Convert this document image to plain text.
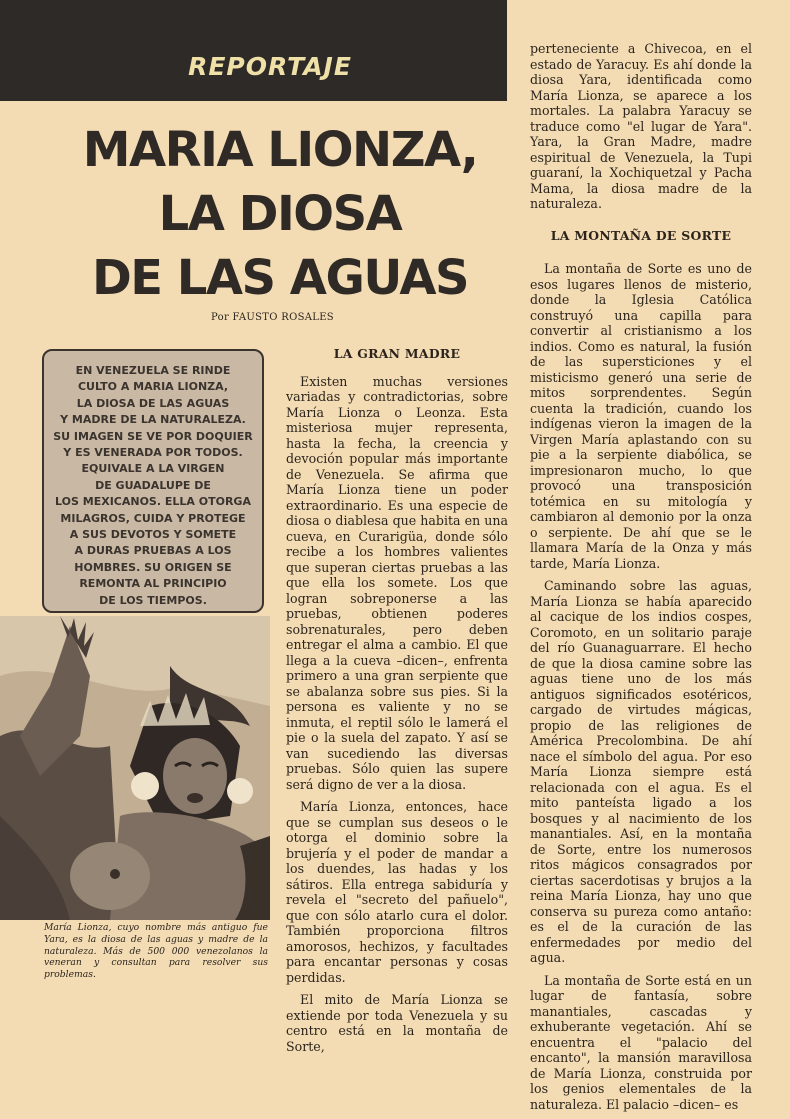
REPORTAJE
MARIA LIONZA,
LA DIOSA
DE LAS AGUAS
Por FAUSTO ROSALES
EN VENEZUELA SE RINDE
CULTO A MARIA LIONZA,
LA DIOSA DE LAS AGUAS
Y MADRE DE LA NATURALEZA.
SU IMAGEN SE VE POR DOQUIER
Y ES VENERADA POR TODOS.
EQUIVALE A LA VIRGEN
DE GUADALUPE DE
LOS MEXICANOS. ELLA OTORGA
MILAGROS, CUIDA Y PROTEGE
A SUS DEVOTOS Y SOMETE
A DURAS PRUEBAS A LOS
HOMBRES. SU ORIGEN SE
REMONTA AL PRINCIPIO
DE LOS TIEMPOS.
María Lionza, cuyo nombre más antiguo fue Yara, es la diosa de las aguas y madre de la naturaleza. Más de 500 000 venezolanos la veneran y consultan para resolver sus problemas.
LA GRAN MADRE

Existen muchas versiones variadas y contradictorias, sobre María Lionza o Leonza. Esta misteriosa mujer representa, hasta la fecha, la creencia y devoción popular más importante de Venezuela. Se afirma que María Lionza tiene un poder extraordinario. Es una especie de diosa o diablesa que habita en una cueva, en Curarigüa, donde sólo recibe a los hombres valientes que superan ciertas pruebas a las que ella los somete. Los que logran sobreponerse a las pruebas, obtienen poderes sobrenaturales, pero deben entregar el alma a cambio. El que llega a la cueva –dicen–, enfrenta primero a una gran serpiente que se abalanza sobre sus pies. Si la persona es valiente y no se inmuta, el reptil sólo le lamerá el pie o la suela del zapato. Y así se van sucediendo las diversas pruebas. Sólo quien las supere será digno de ver a la diosa.

María Lionza, entonces, hace que se cumplan sus deseos o le otorga el dominio sobre la brujería y el poder de mandar a los duendes, las hadas y los sátiros. Ella entrega sabiduría y revela el "secreto del pañuelo", que con sólo atarlo cura el dolor. También proporciona filtros amorosos, hechizos, y facultades para encantar personas y cosas perdidas.

El mito de María Lionza se extiende por toda Venezuela y su centro está en la montaña de Sorte,

perteneciente a Chivecoa, en el estado de Yaracuy. Es ahí donde la diosa Yara, identificada como María Lionza, se aparece a los mortales. La palabra Yaracuy se traduce como "el lugar de Yara". Yara, la Gran Madre, madre espiritual de Venezuela, la Tupi guaraní, la Xochiquetzal y Pacha Mama, la diosa madre de la naturaleza.

LA MONTAÑA DE SORTE

La montaña de Sorte es uno de esos lugares llenos de misterio, donde la Iglesia Católica construyó una capilla para convertir al cristianismo a los indios. Como es natural, la fusión de las supersticiones y el misticismo generó una serie de mitos sorprendentes. Según cuenta la tradición, cuando los indígenas vieron la imagen de la Virgen María aplastando con su pie a la serpiente diabólica, se impresionaron mucho, lo que provocó una transposición totémica en su mitología y cambiaron al demonio por la onza o serpiente. De ahí que se le llamara María de la Onza y más tarde, María Lionza.

Caminando sobre las aguas, María Lionza se había aparecido al cacique de los indios cospes, Coromoto, en un solitario paraje del río Guanaguarrare. El hecho de que la diosa camine sobre las aguas tiene uno de los más antiguos significados esotéricos, cargado de virtudes mágicas, propio de las religiones de América Precolombina. De ahí nace el símbolo del agua. Por eso María Lionza siempre está relacionada con el agua. Es el mito panteísta ligado a los bosques y al nacimiento de los manantiales. Así, en la montaña de Sorte, entre los numerosos ritos mágicos consagrados por ciertas sacerdotisas y brujos a la reina María Lionza, hay uno que conserva su pureza como antaño: es el de la curación de las enfermedades por medio del agua.

La montaña de Sorte está en un lugar de fantasía, sobre manantiales, cascadas y exhuberante vegetación. Ahí se encuentra el "palacio del encanto", la mansión maravillosa de María Lionza, construida por los genios elementales de la naturaleza. El palacio –dicen– es
